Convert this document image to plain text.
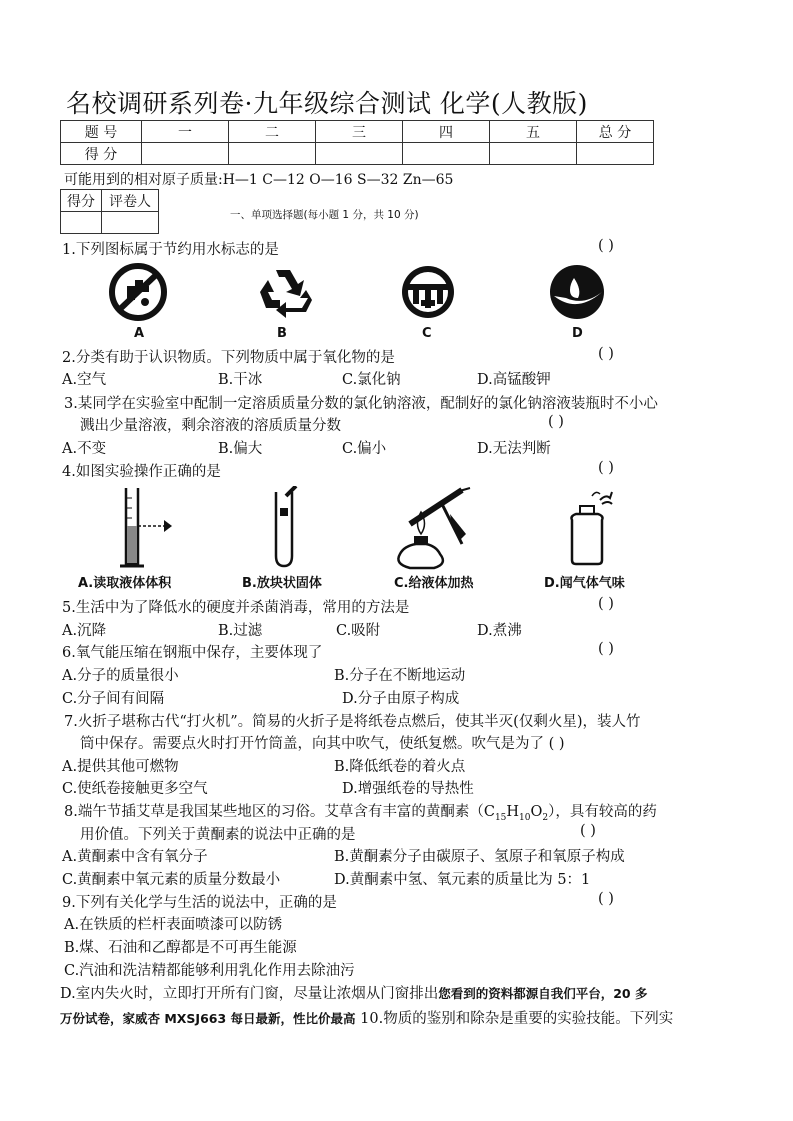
名校调研系列卷·九年级综合测试 化学(人教版)
题 号	一	二	三	四	五	总 分
得 分						
可能用到的相对原子质量:H—1 C—12 O—16 S—32 Zn—65
得分	评卷人

一、单项选择题(每小题 1 分，共 10 分)
1.下列图标属于节约用水标志的是	( )
A	B	C	D
2.分类有助于认识物质。下列物质中属于氧化物的是	( )
A.空气	B.干冰	C.氯化钠	D.高锰酸钾
3.某同学在实验室中配制一定溶质质量分数的氯化钠溶液，配制好的氯化钠溶液装瓶时不小心
溅出少量溶液，剩余溶液的溶质质量分数	( )
A.不变	B.偏大	C.偏小	D.无法判断
4.如图实验操作正确的是	( )
A.读取液体体积	B.放块状固体	C.给液体加热	D.闻气体气味
5.生活中为了降低水的硬度并杀菌消毒，常用的方法是	( )
A.沉降	B.过滤	C.吸附	D.煮沸
6.氧气能压缩在钢瓶中保存，主要体现了	( )
A.分子的质量很小	B.分子在不断地运动
C.分子间有间隔	D.分子由原子构成
7.火折子堪称古代“打火机”。简易的火折子是将纸卷点燃后，使其半灭(仅剩火星)，装人竹
筒中保存。需要点火时打开竹筒盖，向其中吹气，使纸复燃。吹气是为了 ( )
A.提供其他可燃物	B.降低纸卷的着火点
C.使纸卷接触更多空气	D.增强纸卷的导热性
8.端午节插艾草是我国某些地区的习俗。艾草含有丰富的黄酮素$(C_{15}H_{10}O_2)$，具有较高的药
用价值。下列关于黄酮素的说法中正确的是	( )
A.黄酮素中含有氧分子	B.黄酮素分子由碳原子、氢原子和氧原子构成
C.黄酮素中氧元素的质量分数最小	D.黄酮素中氢、氧元素的质量比为 5：1
9.下列有关化学与生活的说法中，正确的是	( )
A.在铁质的栏杆表面喷漆可以防锈
B.煤、石油和乙醇都是不可再生能源
C.汽油和洗洁精都能够利用乳化作用去除油污
D.室内失火时，立即打开所有门窗，尽量让浓烟从门窗排出您看到的资料都源自我们平台，20 多
万份试卷，家威杏 MXSJ663 每日最新，性比价最高 10.物质的鉴别和除杂是重要的实验技能。下列实
